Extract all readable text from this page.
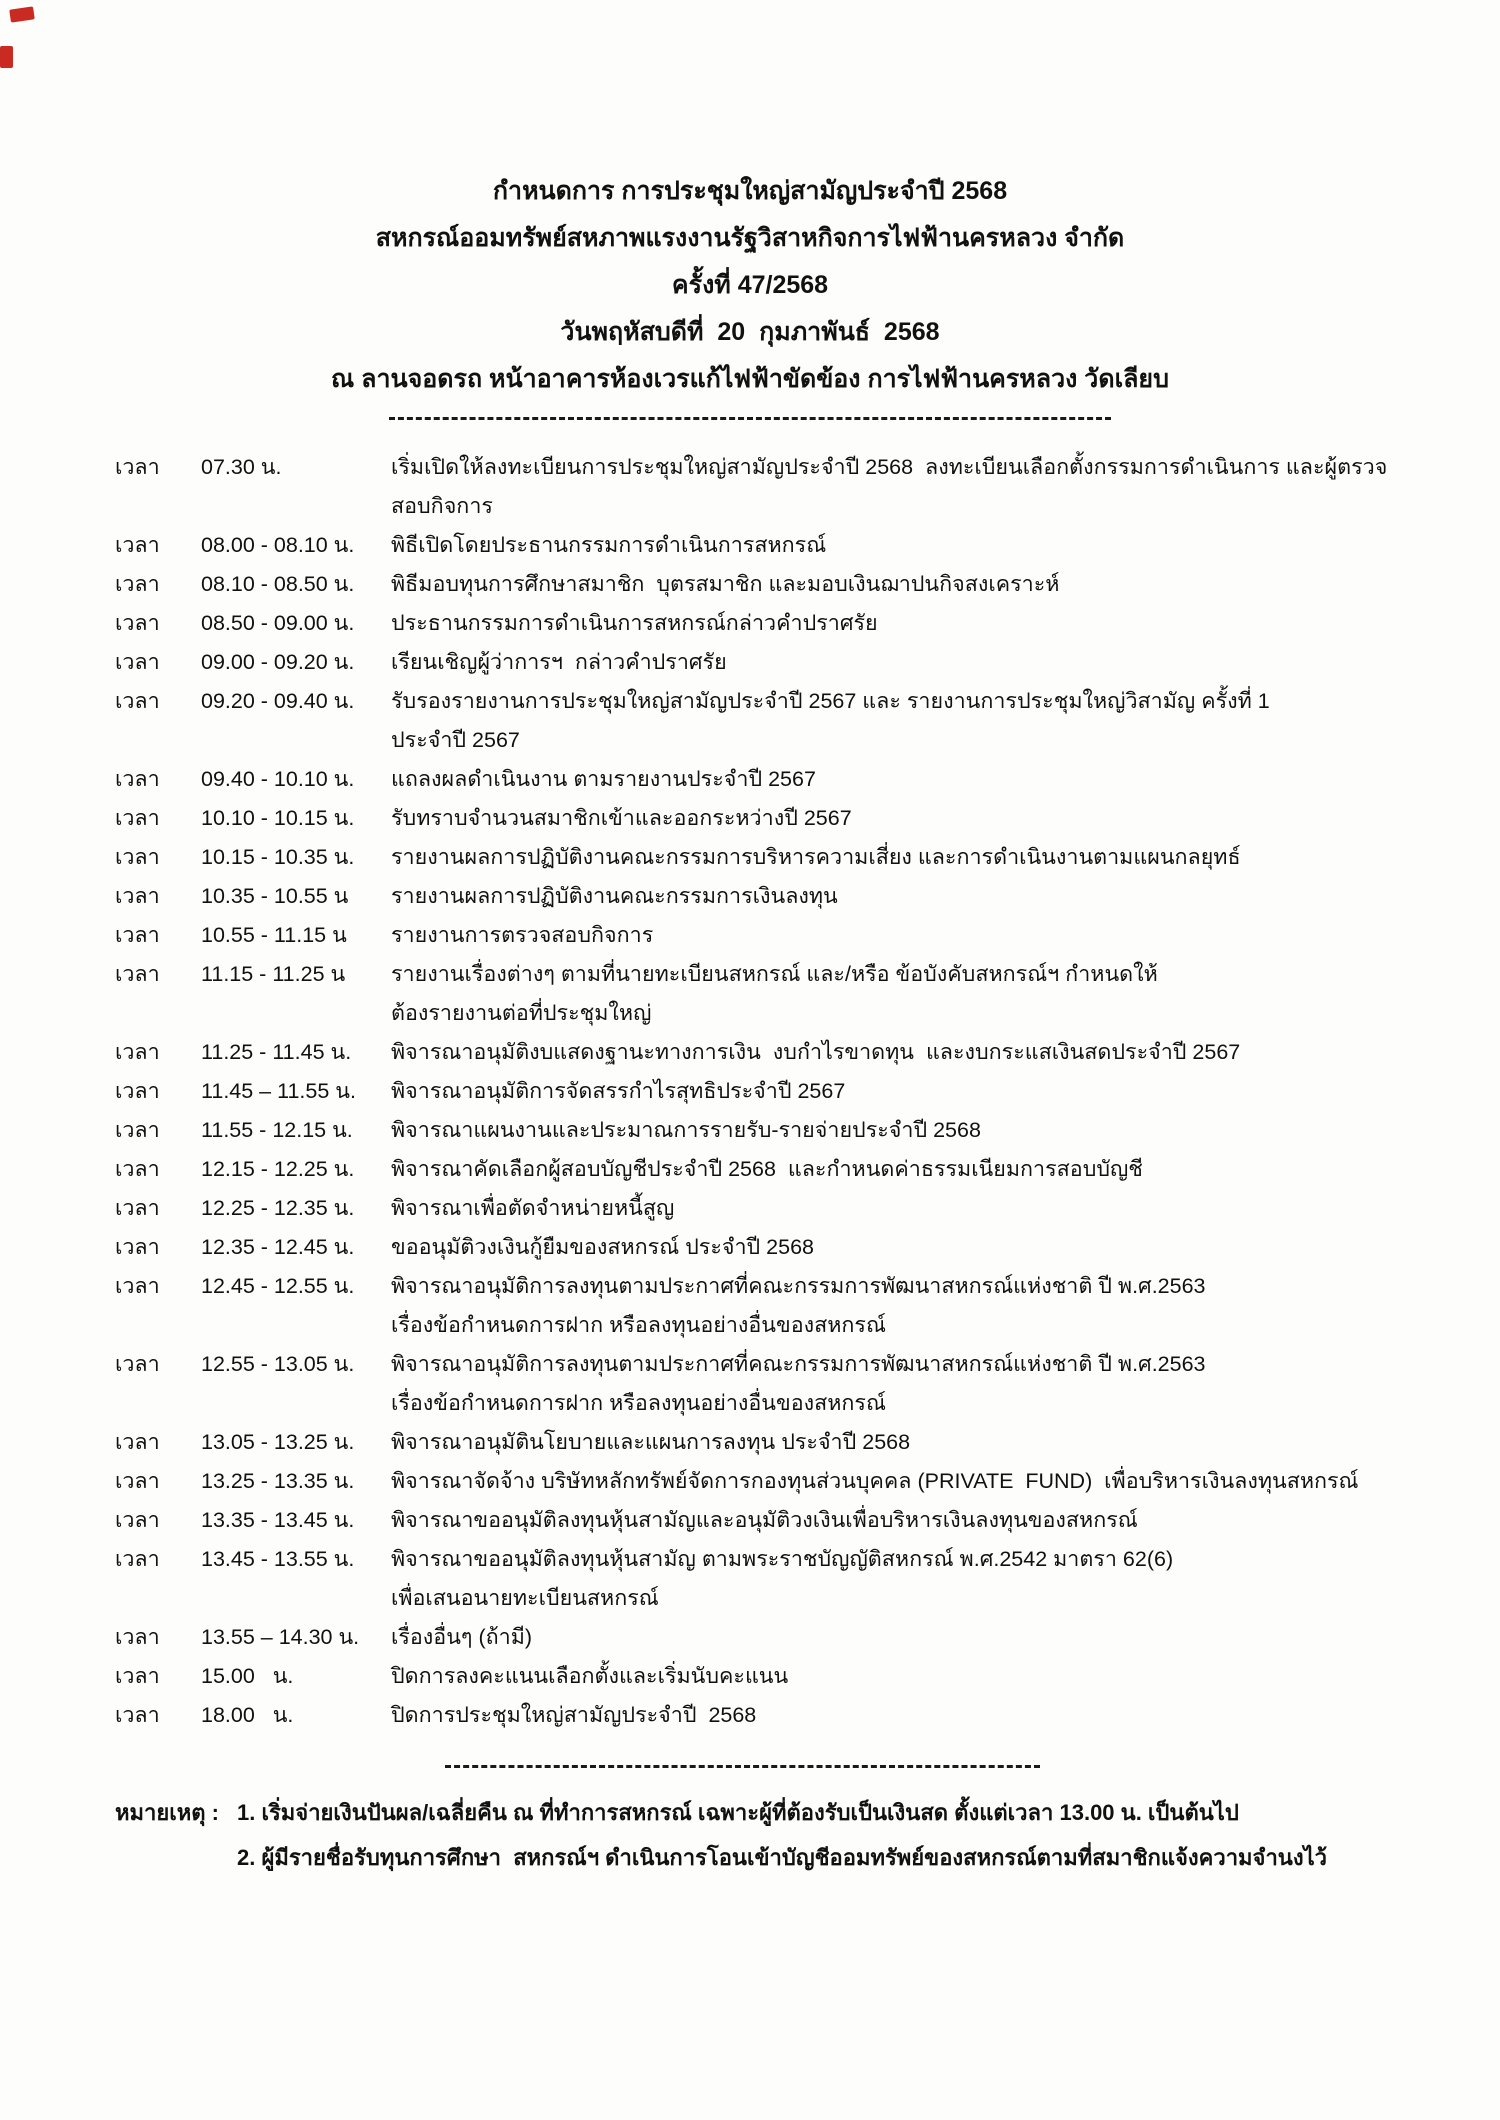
กำหนดการ การประชุมใหญ่สามัญประจำปี 2568
สหกรณ์ออมทรัพย์สหภาพแรงงานรัฐวิสาหกิจการไฟฟ้านครหลวง จำกัด
ครั้งที่ 47/2568
วันพฤหัสบดีที่  20  กุมภาพันธ์  2568
ณ ลานจอดรถ หน้าอาคารห้องเวรแก้ไฟฟ้าขัดข้อง การไฟฟ้านครหลวง วัดเลียบ
เวลา	07.30 น.	เริ่มเปิดให้ลงทะเบียนการประชุมใหญ่สามัญประจำปี 2568  ลงทะเบียนเลือกตั้งกรรมการดำเนินการ และผู้ตรวจ
สอบกิจการ
เวลา	08.00 - 08.10 น.	พิธีเปิดโดยประธานกรรมการดำเนินการสหกรณ์
เวลา	08.10 - 08.50 น.	พิธีมอบทุนการศึกษาสมาชิก  บุตรสมาชิก และมอบเงินฌาปนกิจสงเคราะห์
เวลา	08.50 - 09.00 น.	ประธานกรรมการดำเนินการสหกรณ์กล่าวคำปราศรัย
เวลา	09.00 - 09.20 น.	เรียนเชิญผู้ว่าการฯ  กล่าวคำปราศรัย
เวลา	09.20 - 09.40 น.	รับรองรายงานการประชุมใหญ่สามัญประจำปี 2567 และ รายงานการประชุมใหญ่วิสามัญ ครั้งที่ 1
ประจำปี 2567
เวลา	09.40 - 10.10 น.	แถลงผลดำเนินงาน ตามรายงานประจำปี 2567
เวลา	10.10 - 10.15 น.	รับทราบจำนวนสมาชิกเข้าและออกระหว่างปี 2567
เวลา	10.15 - 10.35 น.	รายงานผลการปฏิบัติงานคณะกรรมการบริหารความเสี่ยง และการดำเนินงานตามแผนกลยุทธ์
เวลา	10.35 - 10.55 น	รายงานผลการปฏิบัติงานคณะกรรมการเงินลงทุน
เวลา	10.55 - 11.15 น	รายงานการตรวจสอบกิจการ
เวลา	11.15 - 11.25 น	รายงานเรื่องต่างๆ ตามที่นายทะเบียนสหกรณ์ และ/หรือ ข้อบังคับสหกรณ์ฯ กำหนดให้
ต้องรายงานต่อที่ประชุมใหญ่
เวลา	11.25 - 11.45 น.	พิจารณาอนุมัติงบแสดงฐานะทางการเงิน  งบกำไรขาดทุน  และงบกระแสเงินสดประจำปี 2567
เวลา	11.45 – 11.55 น.	พิจารณาอนุมัติการจัดสรรกำไรสุทธิประจำปี 2567
เวลา	11.55 - 12.15 น.	พิจารณาแผนงานและประมาณการรายรับ-รายจ่ายประจำปี 2568
เวลา	12.15 - 12.25 น.	พิจารณาคัดเลือกผู้สอบบัญชีประจำปี 2568  และกำหนดค่าธรรมเนียมการสอบบัญชี
เวลา	12.25 - 12.35 น.	พิจารณาเพื่อตัดจำหน่ายหนี้สูญ
เวลา	12.35 - 12.45 น.	ขออนุมัติวงเงินกู้ยืมของสหกรณ์ ประจำปี 2568
เวลา	12.45 - 12.55 น.	พิจารณาอนุมัติการลงทุนตามประกาศที่คณะกรรมการพัฒนาสหกรณ์แห่งชาติ ปี พ.ศ.2563
เรื่องข้อกำหนดการฝาก หรือลงทุนอย่างอื่นของสหกรณ์
เวลา	12.55 - 13.05 น.	พิจารณาอนุมัติการลงทุนตามประกาศที่คณะกรรมการพัฒนาสหกรณ์แห่งชาติ ปี พ.ศ.2563
เรื่องข้อกำหนดการฝาก หรือลงทุนอย่างอื่นของสหกรณ์
เวลา	13.05 - 13.25 น.	พิจารณาอนุมัตินโยบายและแผนการลงทุน ประจำปี 2568
เวลา	13.25 - 13.35 น.	พิจารณาจัดจ้าง บริษัทหลักทรัพย์จัดการกองทุนส่วนบุคคล (PRIVATE  FUND)  เพื่อบริหารเงินลงทุนสหกรณ์
เวลา	13.35 - 13.45 น.	พิจารณาขออนุมัติลงทุนหุ้นสามัญและอนุมัติวงเงินเพื่อบริหารเงินลงทุนของสหกรณ์
เวลา	13.45 - 13.55 น.	พิจารณาขออนุมัติลงทุนหุ้นสามัญ ตามพระราชบัญญัติสหกรณ์ พ.ศ.2542 มาตรา 62(6)
เพื่อเสนอนายทะเบียนสหกรณ์
เวลา	13.55 – 14.30 น.	เรื่องอื่นๆ (ถ้ามี)
เวลา	15.00   น.	ปิดการลงคะแนนเลือกตั้งและเริ่มนับคะแนน
เวลา	18.00   น.	ปิดการประชุมใหญ่สามัญประจำปี  2568
หมายเหตุ : 1. เริ่มจ่ายเงินปันผล/เฉลี่ยคืน ณ ที่ทำการสหกรณ์ เฉพาะผู้ที่ต้องรับเป็นเงินสด ตั้งแต่เวลา 13.00 น. เป็นต้นไป
2. ผู้มีรายชื่อรับทุนการศึกษา  สหกรณ์ฯ ดำเนินการโอนเข้าบัญชีออมทรัพย์ของสหกรณ์ตามที่สมาชิกแจ้งความจำนงไว้
